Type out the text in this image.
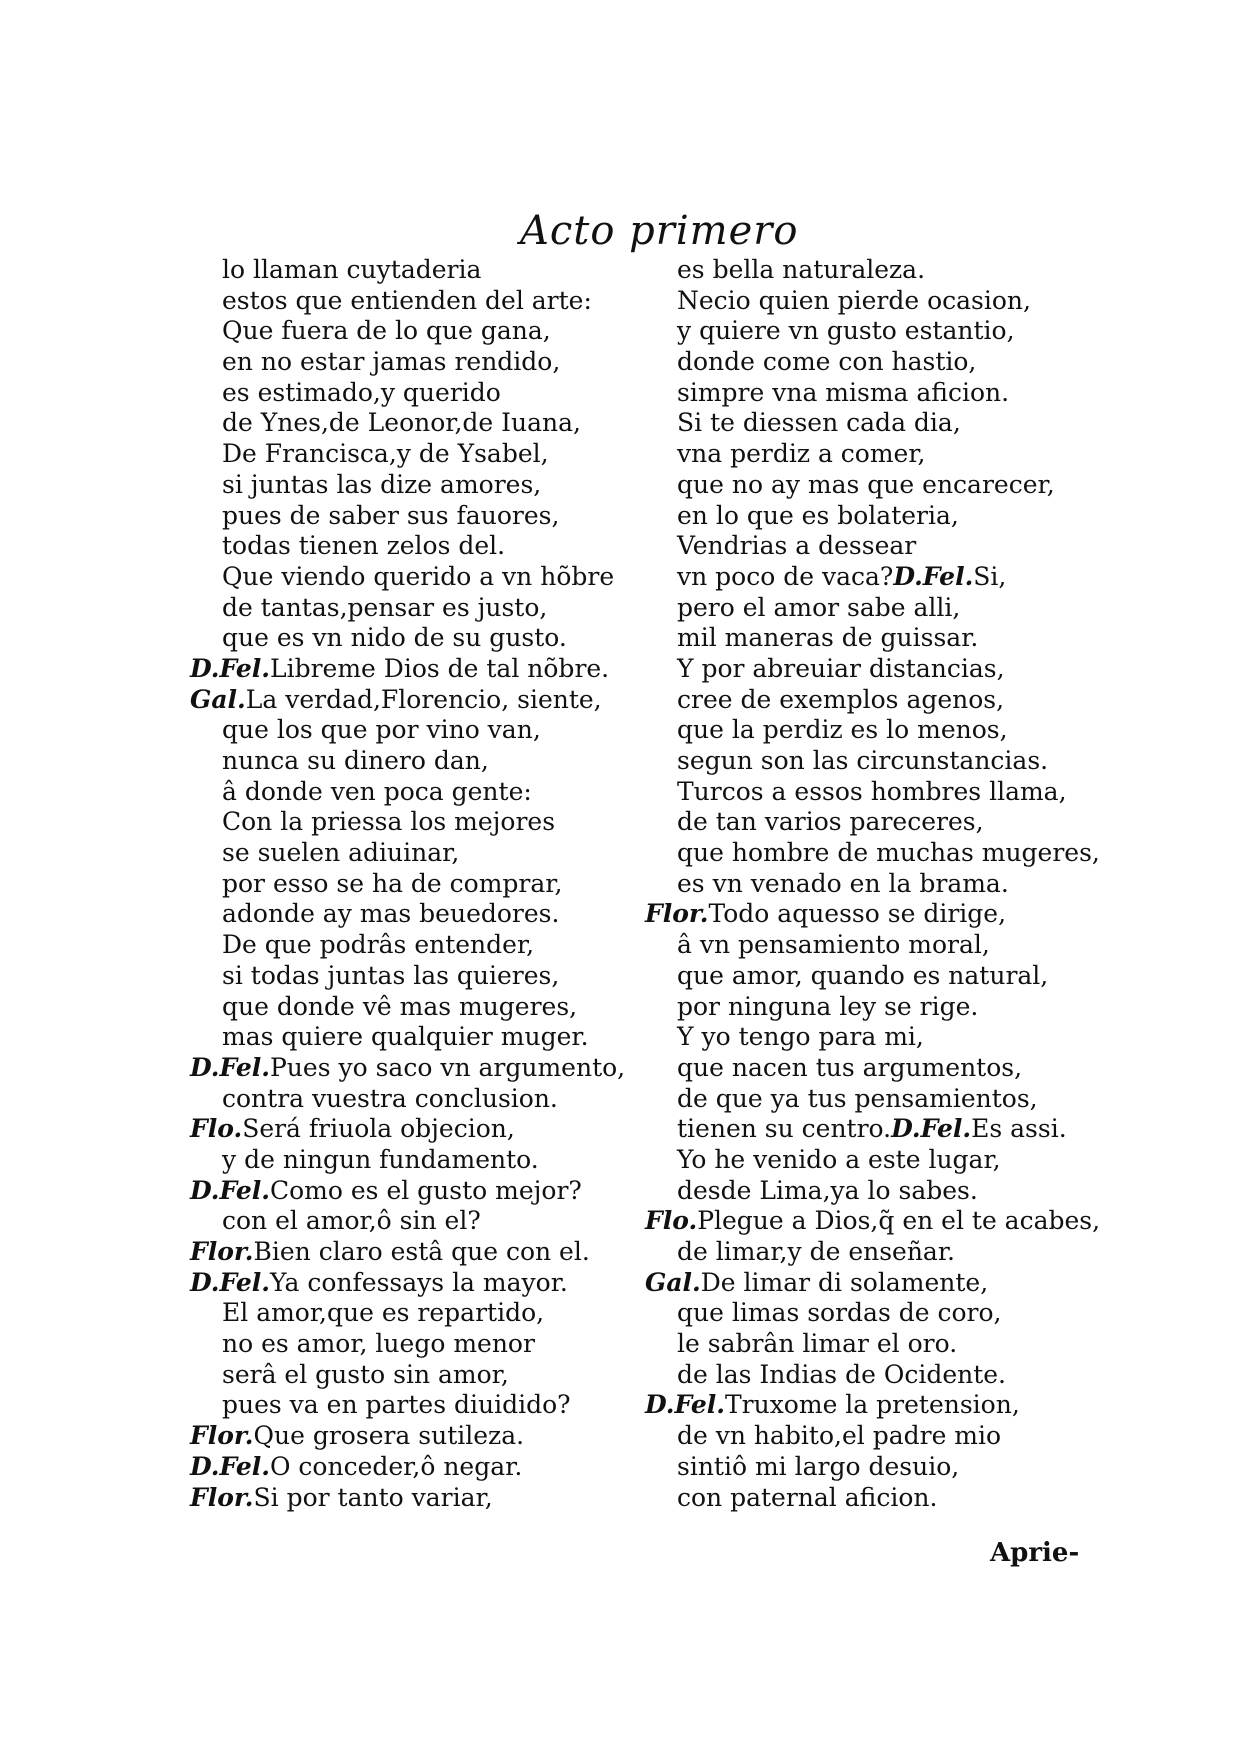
Acto primero
lo llaman cuytaderia
estos que entienden del arte:
Que fuera de lo que gana,
en no estar jamas rendido,
es estimado,y querido
de Ynes,de Leonor,de Iuana,
De Francisca,y de Ysabel,
si juntas las dize amores,
pues de saber sus fauores,
todas tienen zelos del.
Que viendo querido a vn hõbre
de tantas,pensar es justo,
que es vn nido de su gusto.
D.Fel.Libreme Dios de tal nõbre.
Gal.La verdad,Florencio, siente,
que los que por vino van,
nunca su dinero dan,
â donde ven poca gente:
Con la priessa los mejores
se suelen adiuinar,
por esso se ha de comprar,
adonde ay mas beuedores.
De que podrâs entender,
si todas juntas las quieres,
que donde vê mas mugeres,
mas quiere qualquier muger.
D.Fel.Pues yo saco vn argumento,
contra vuestra conclusion.
Flo.Será friuola objecion,
y de ningun fundamento.
D.Fel.Como es el gusto mejor?
con el amor,ô sin el?
Flor.Bien claro estâ que con el.
D.Fel.Ya confessays la mayor.
El amor,que es repartido,
no es amor, luego menor
serâ el gusto sin amor,
pues va en partes diuidido?
Flor.Que grosera sutileza.
D.Fel.O conceder,ô negar.
Flor.Si por tanto variar,
es bella naturaleza.
Necio quien pierde ocasion,
y quiere vn gusto estantio,
donde come con hastio,
simpre vna misma aficion.
Si te diessen cada dia,
vna perdiz a comer,
que no ay mas que encarecer,
en lo que es bolateria,
Vendrias a dessear
vn poco de vaca?D.Fel.Si,
pero el amor sabe alli,
mil maneras de guissar.
Y por abreuiar distancias,
cree de exemplos agenos,
que la perdiz es lo menos,
segun son las circunstancias.
Turcos a essos hombres llama,
de tan varios pareceres,
que hombre de muchas mugeres,
es vn venado en la brama.
Flor.Todo aquesso se dirige,
â vn pensamiento moral,
que amor, quando es natural,
por ninguna ley se rige.
Y yo tengo para mi,
que nacen tus argumentos,
de que ya tus pensamientos,
tienen su centro.D.Fel.Es assi.
Yo he venido a este lugar,
desde Lima,ya lo sabes.
Flo.Plegue a Dios,q̃ en el te acabes,
de limar,y de enseñar.
Gal.De limar di solamente,
que limas sordas de coro,
le sabrân limar el oro.
de las Indias de Ocidente.
D.Fel.Truxome la pretension,
de vn habito,el padre mio
sintiô mi largo desuio,
con paternal aficion.
Aprie-
